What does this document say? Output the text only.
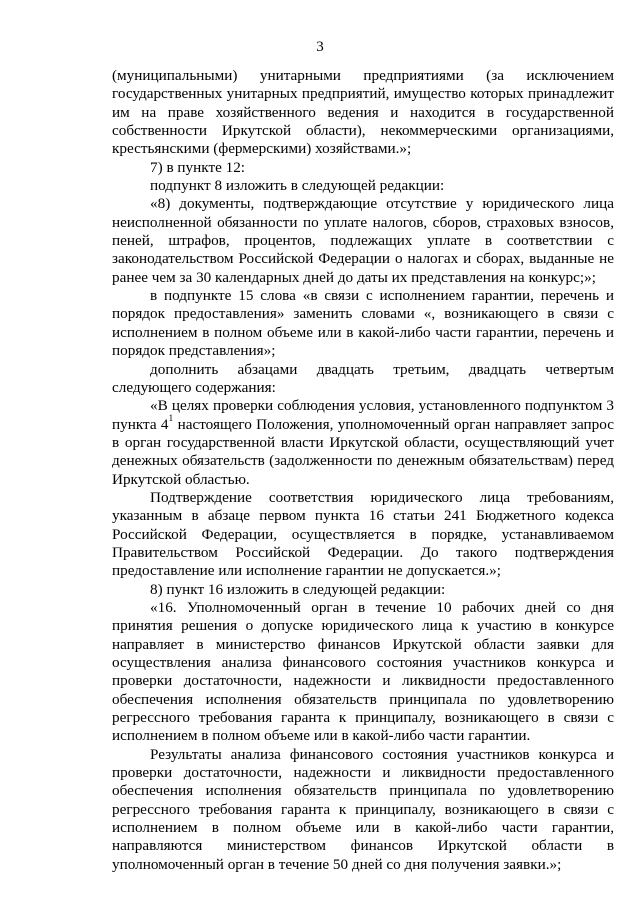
3

(муниципальными) унитарными предприятиями (за исключением государственных унитарных предприятий, имущество которых принадлежит им на праве хозяйственного ведения и находится в государственной собственности Иркутской области), некоммерческими организациями, крестьянскими (фермерскими) хозяйствами.»;

7) в пункте 12:

подпункт 8 изложить в следующей редакции:

«8) документы, подтверждающие отсутствие у юридического лица неисполненной обязанности по уплате налогов, сборов, страховых взносов, пеней, штрафов, процентов, подлежащих уплате в соответствии с законодательством Российской Федерации о налогах и сборах, выданные не ранее чем за 30 календарных дней до даты их представления на конкурс;»;

в подпункте 15 слова «в связи с исполнением гарантии, перечень и порядок предоставления» заменить словами «, возникающего в связи с исполнением в полном объеме или в какой-либо части гарантии, перечень и порядок представления»;

дополнить абзацами двадцать третьим, двадцать четвертым следующего содержания:

«В целях проверки соблюдения условия, установленного подпунктом 3 пункта $4^1$ настоящего Положения, уполномоченный орган направляет запрос в орган государственной власти Иркутской области, осуществляющий учет денежных обязательств (задолженности по денежным обязательствам) перед Иркутской областью.

Подтверждение соответствия юридического лица требованиям, указанным в абзаце первом пункта 16 статьи 241 Бюджетного кодекса Российской Федерации, осуществляется в порядке, устанавливаемом Правительством Российской Федерации. До такого подтверждения предоставление или исполнение гарантии не допускается.»;

8) пункт 16 изложить в следующей редакции:

«16. Уполномоченный орган в течение 10 рабочих дней со дня принятия решения о допуске юридического лица к участию в конкурсе направляет в министерство финансов Иркутской области заявки для осуществления анализа финансового состояния участников конкурса и проверки достаточности, надежности и ликвидности предоставленного обеспечения исполнения обязательств принципала по удовлетворению регрессного требования гаранта к принципалу, возникающего в связи с исполнением в полном объеме или в какой-либо части гарантии.

Результаты анализа финансового состояния участников конкурса и проверки достаточности, надежности и ликвидности предоставленного обеспечения исполнения обязательств принципала по удовлетворению регрессного требования гаранта к принципалу, возникающего в связи с исполнением в полном объеме или в какой-либо части гарантии, направляются министерством финансов Иркутской области в уполномоченный орган в течение 50 дней со дня получения заявки.»;
